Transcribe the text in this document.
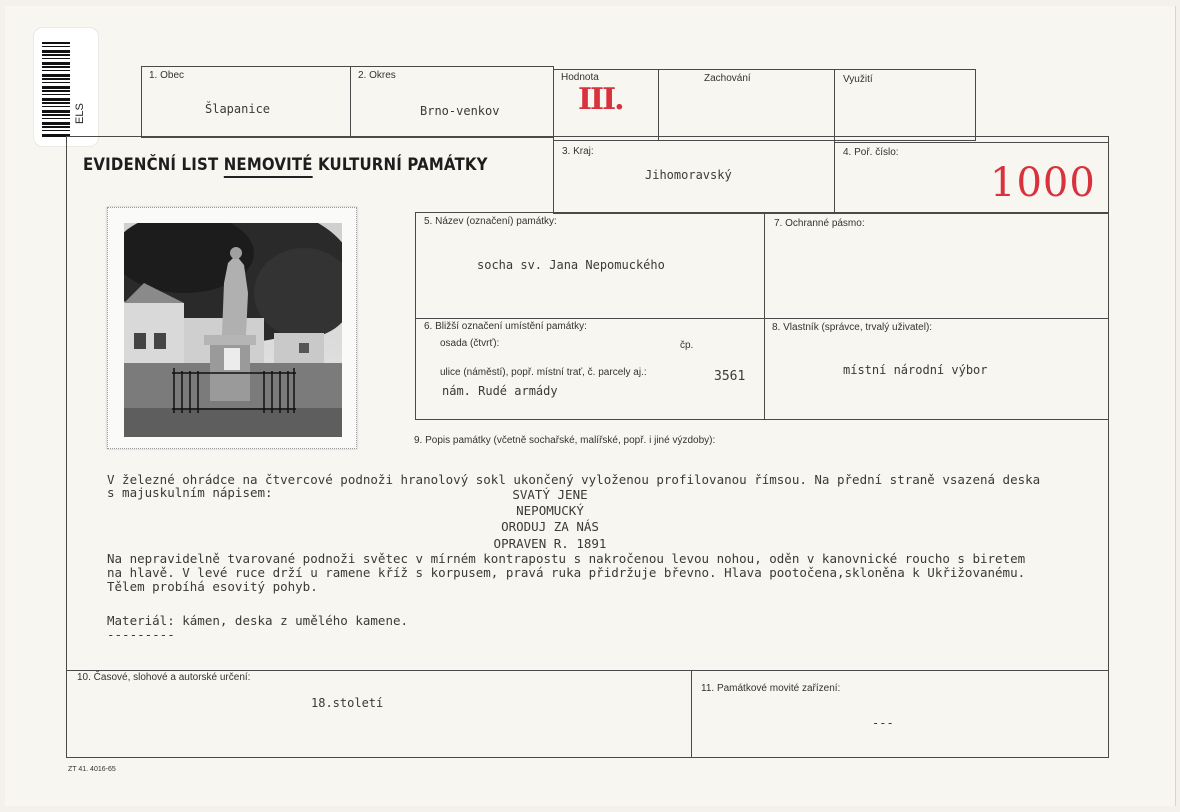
ELS
1. Obec
Šlapanice
2. Okres
Brno-venkov
Hodnota
III.
Zachování	Využití
EVIDENČNÍ LIST NEMOVITÉ KULTURNÍ PAMÁTKY
3. Kraj:
Jihomoravský
4. Poř. číslo:
1000
5. Název (označení) památky:
socha sv. Jana Nepomuckého
7. Ochranné pásmo:
6. Bližší označení umístění památky:
osada (čtvrť):	čp.
ulice (náměstí), popř. místní trať, č. parcely aj.:	3561
nám. Rudé armády
8. Vlastník (správce, trvalý uživatel):
místní národní výbor
9. Popis památky (včetně sochařské, malířské, popř. i jiné výzdoby):
V železné ohrádce na čtvercové podnoži hranolový sokl ukončený vyloženou profilovanou římsou. Na přední straně vsazená deska
s majuskulním nápisem:	SVATÝ JENE
NEPOMUCKÝ
ORODUJ ZA NÁS
OPRAVEN R. 1891
Na nepravidelně tvarované podnoži světec v mírném kontrapostu s nakročenou levou nohou, oděn v kanovnické roucho s biretem
na hlavě. V levé ruce drží u ramene kříž s korpusem, pravá ruka přidržuje břevno. Hlava pootočena,skloněna k Ukřižovanému.
Tělem probíhá esovitý pohyb.
Materiál: kámen, deska z umělého kamene.
---------
10. Časové, slohové a autorské určení:
18.století
11. Památkové movité zařízení:
---
ZT 41. 4016-65
